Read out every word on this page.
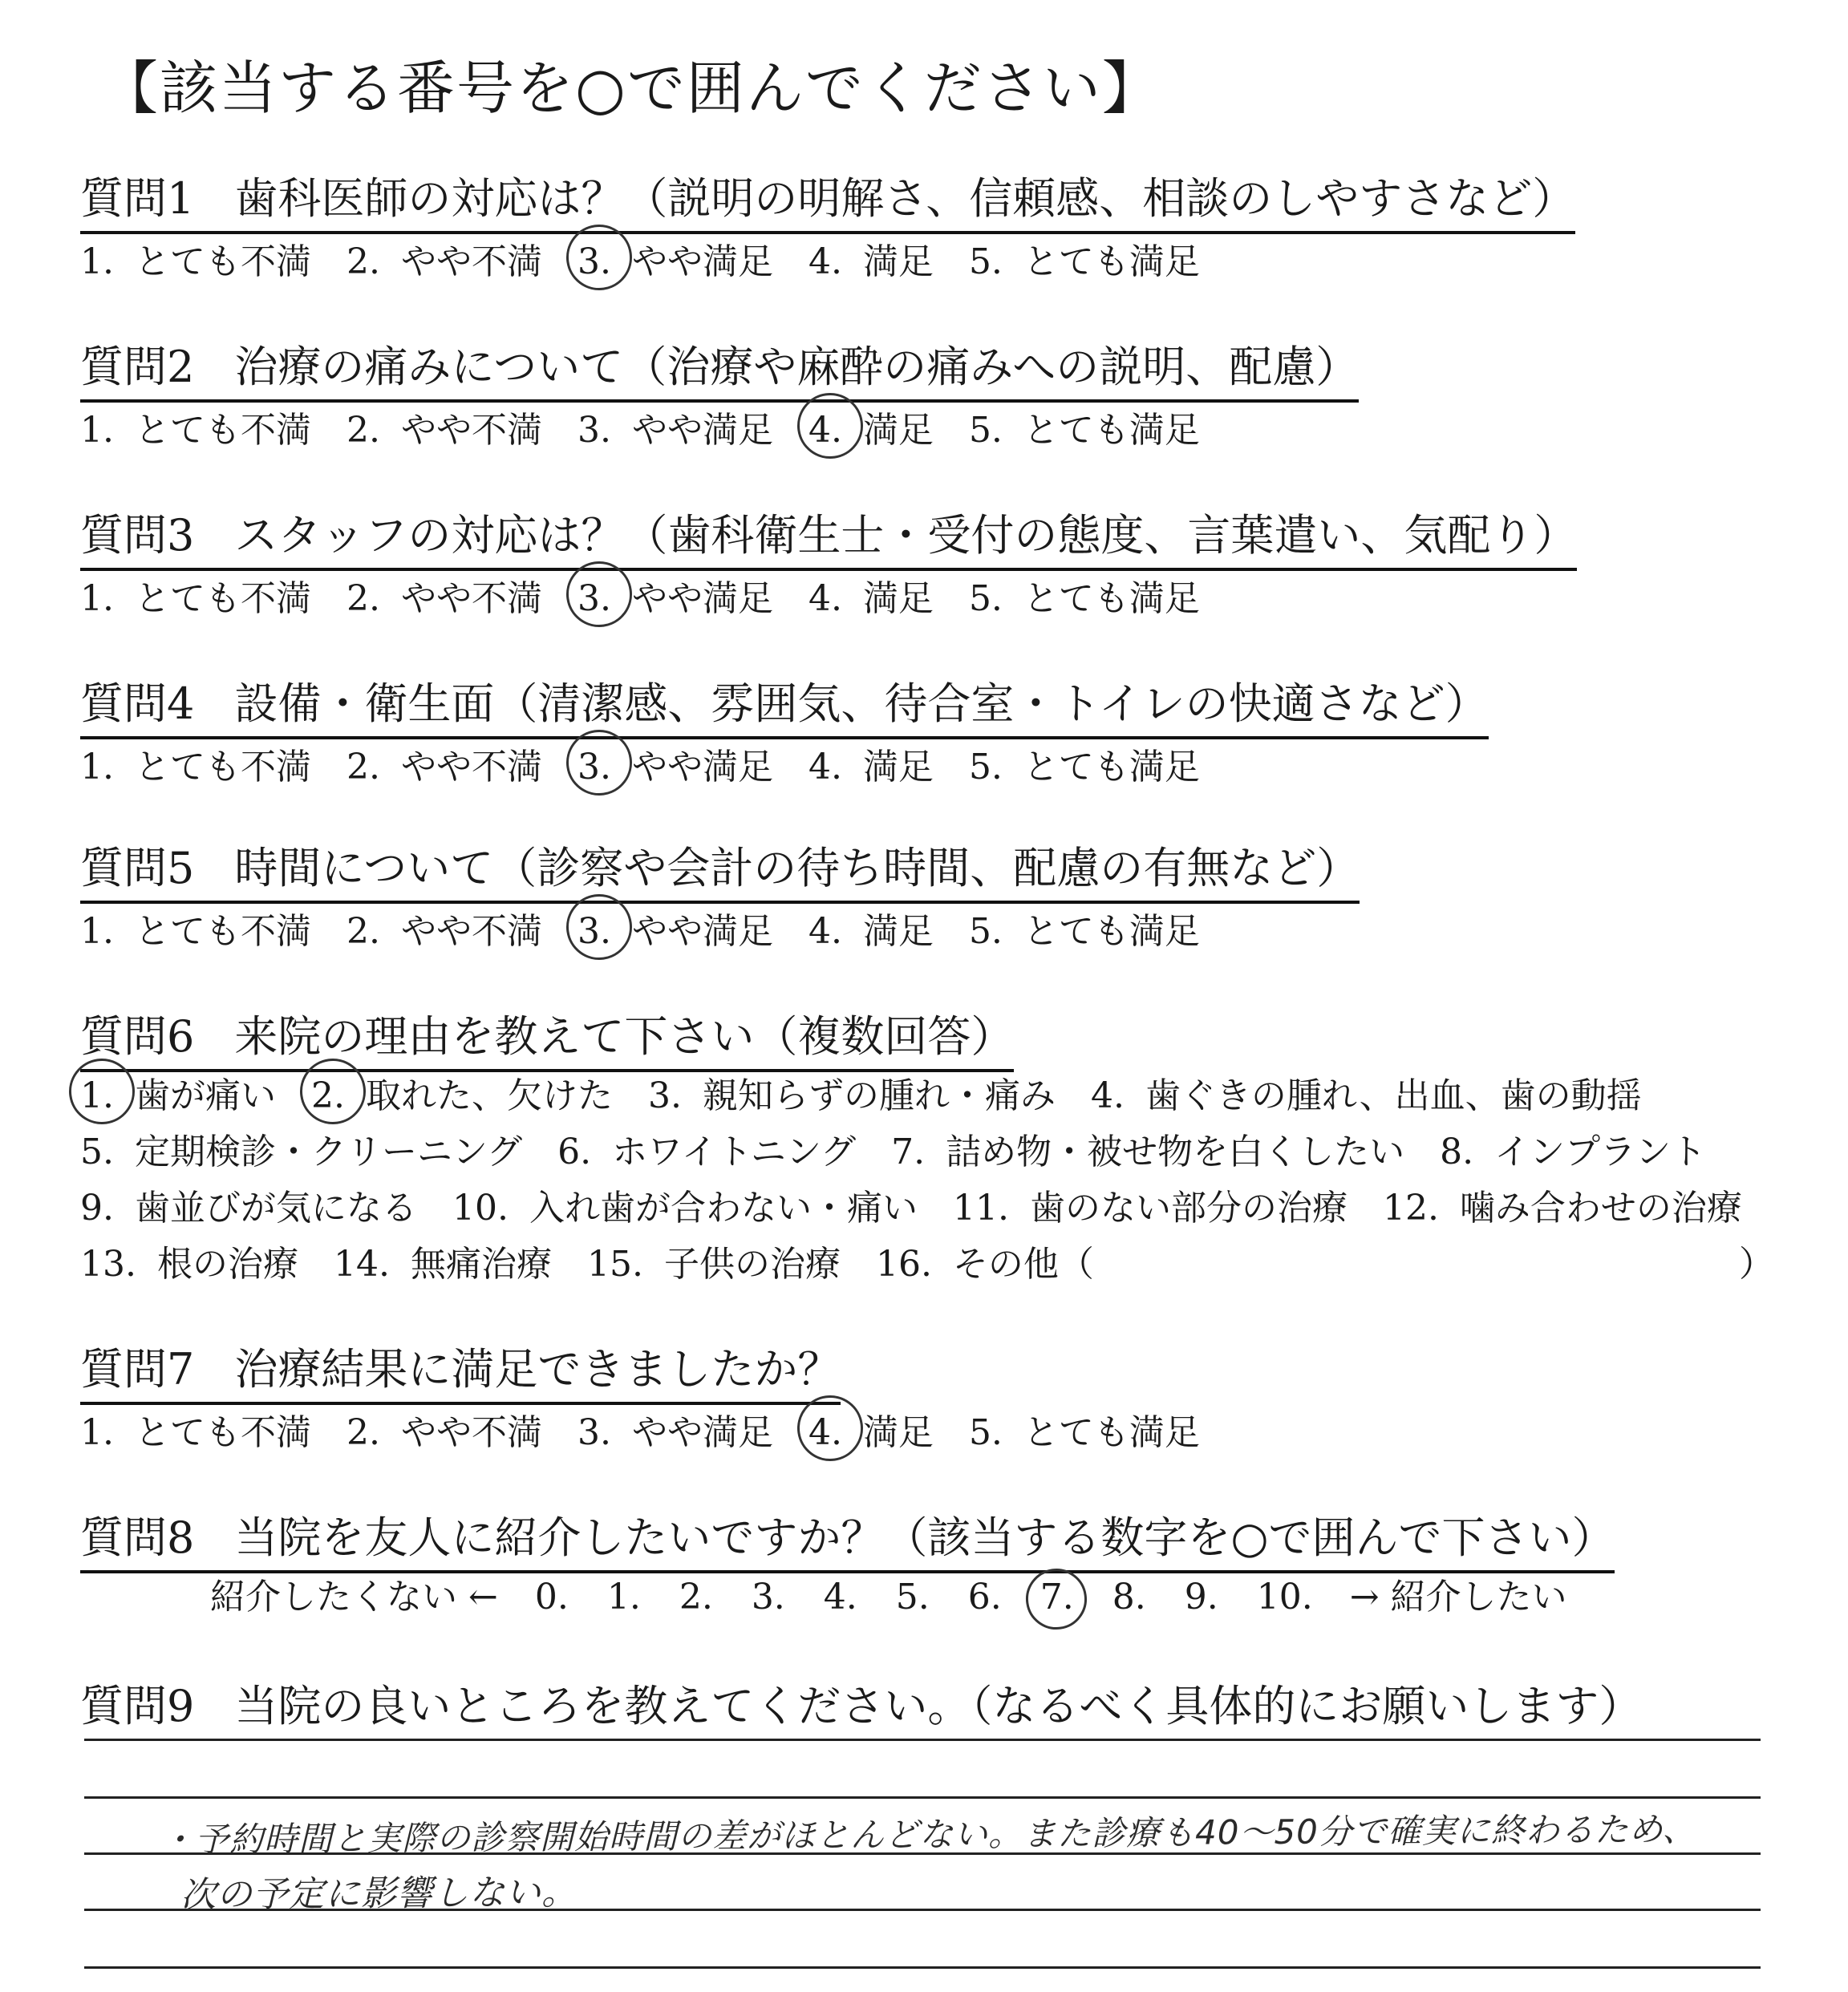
【該当する番号を○で囲んでください】
質問1 歯科医師の対応は？（説明の明解さ、信頼感、相談のしやすさなど）
1. とても不満 2. やや不満 3. やや満足 4. 満足 5. とても満足
質問2 治療の痛みについて（治療や麻酔の痛みへの説明、配慮）
1. とても不満 2. やや不満 3. やや満足 4. 満足 5. とても満足
質問3 スタッフの対応は？（歯科衛生士・受付の態度、言葉遣い、気配り）
1. とても不満 2. やや不満 3. やや満足 4. 満足 5. とても満足
質問4 設備・衛生面（清潔感、雰囲気、待合室・トイレの快適さなど）
1. とても不満 2. やや不満 3. やや満足 4. 満足 5. とても満足
質問5 時間について（診察や会計の待ち時間、配慮の有無など）
1. とても不満 2. やや不満 3. やや満足 4. 満足 5. とても満足
質問6 来院の理由を教えて下さい（複数回答）
1. 歯が痛い 2. 取れた、欠けた 3. 親知らずの腫れ・痛み 4. 歯ぐきの腫れ、出血、歯の動揺
5. 定期検診・クリーニング 6. ホワイトニング 7. 詰め物・被せ物を白くしたい 8. インプラント
9. 歯並びが気になる 10. 入れ歯が合わない・痛い 11. 歯のない部分の治療 12. 噛み合わせの治療
13. 根の治療 14. 無痛治療 15. 子供の治療 16. その他（	）
質問7 治療結果に満足できましたか？
1. とても不満 2. やや不満 3. やや満足 4. 満足 5. とても満足
質問8 当院を友人に紹介したいですか？（該当する数字を○で囲んで下さい）
紹介したくない ← 0. 1. 2. 3. 4. 5. 6. 7. 8. 9. 10. → 紹介したい
質問9 当院の良いところを教えてください。（なるべく具体的にお願いします）
・予約時間と実際の診察開始時間の差がほとんどない。また診療も40〜50分で確実に終わるため、
次の予定に影響しない。
